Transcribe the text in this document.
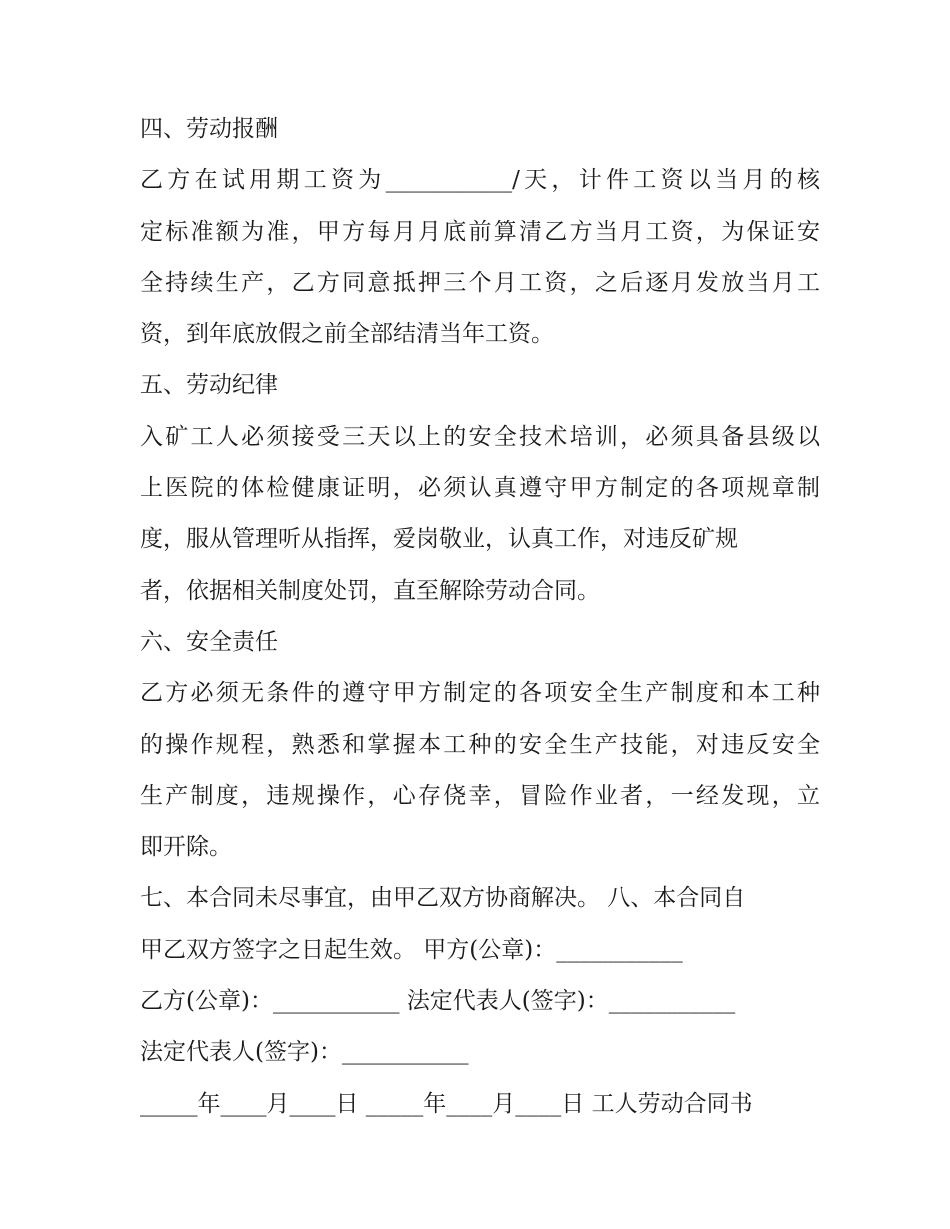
四、劳动报酬
乙方在试用期工资为___________/天，计件工资以当月的核
定标准额为准，甲方每月月底前算清乙方当月工资，为保证安
全持续生产，乙方同意抵押三个月工资，之后逐月发放当月工
资，到年底放假之前全部结清当年工资。
五、劳动纪律
入矿工人必须接受三天以上的安全技术培训，必须具备县级以
上医院的体检健康证明，必须认真遵守甲方制定的各项规章制
度，服从管理听从指挥，爱岗敬业，认真工作，对违反矿规
者，依据相关制度处罚，直至解除劳动合同。
六、安全责任
乙方必须无条件的遵守甲方制定的各项安全生产制度和本工种
的操作规程，熟悉和掌握本工种的安全生产技能，对违反安全
生产制度，违规操作，心存侥幸，冒险作业者，一经发现，立
即开除。
七、本合同未尽事宜，由甲乙双方协商解决。 八、本合同自
甲乙双方签字之日起生效。 甲方(公章)：___________
乙方(公章)：___________ 法定代表人(签字)：___________
法定代表人(签字)：___________
_____年____月____日 _____年____月____日 工人劳动合同书
